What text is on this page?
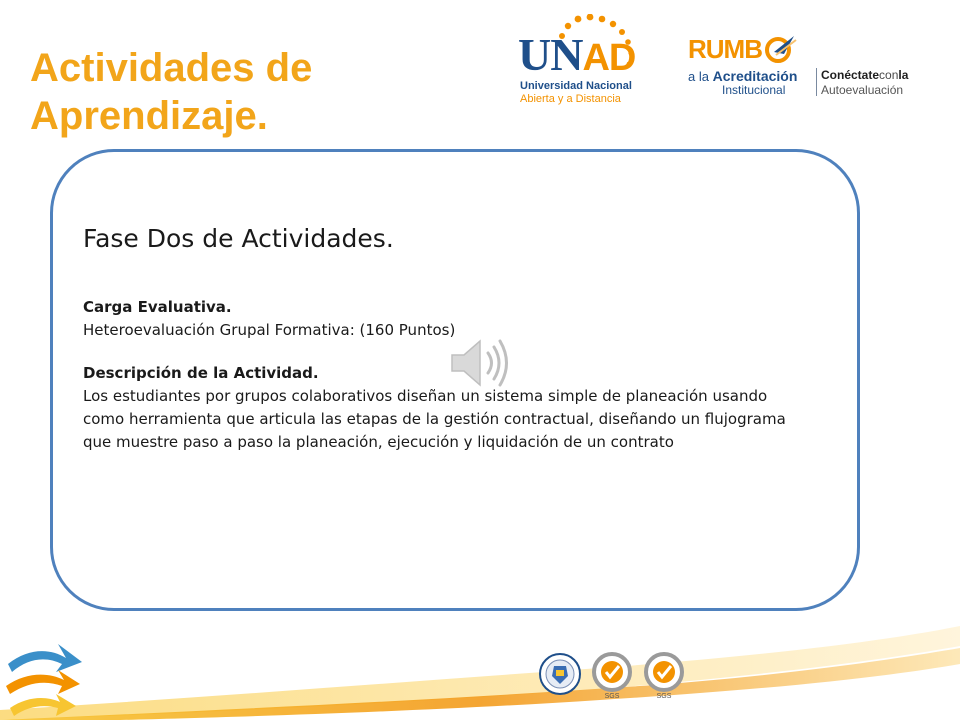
Actividades de
Aprendizaje.
UNAD
Universidad Nacional
Abierta y a Distancia
RUMB
a la Acreditación
Institucional
Conéctateconla
Autoevaluación
Fase Dos de Actividades.

Carga Evaluativa.

Heteroevaluación Grupal Formativa: (160 Puntos)

Descripción de la Actividad.

Los estudiantes por grupos colaborativos diseñan un sistema simple de planeación usando como herramienta que articula las etapas de la gestión contractual, diseñando un flujograma que muestre paso a paso la planeación, ejecución y liquidación de un contrato

SGS	SGS
